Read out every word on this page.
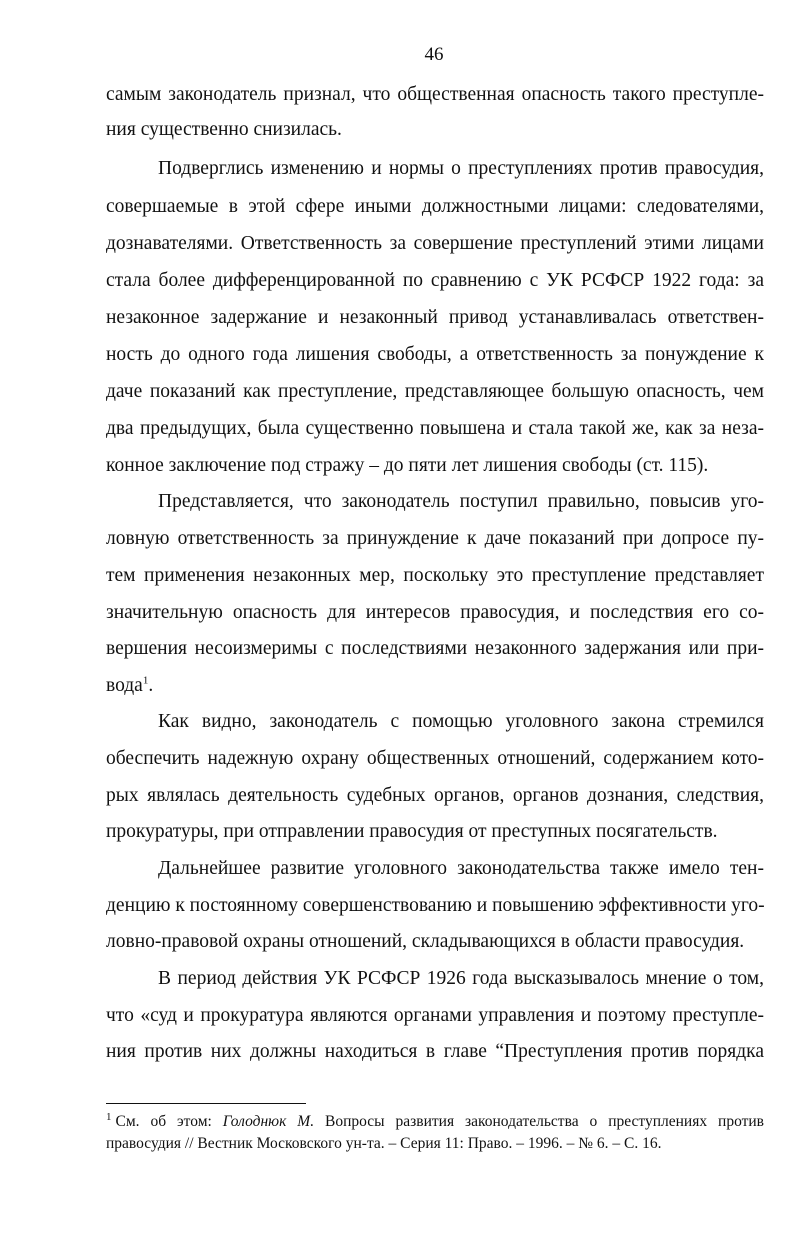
46
самым законодатель признал, что общественная опасность такого преступле-
ния существенно снизилась.
Подверглись изменению и нормы о преступлениях против правосудия,
совершаемые в этой сфере иными должностными лицами: следователями,
дознавателями. Ответственность за совершение преступлений этими лицами
стала более дифференцированной по сравнению с УК РСФСР 1922 года: за
незаконное задержание и незаконный привод устанавливалась ответствен-
ность до одного года лишения свободы, а ответственность за понуждение к
даче показаний как преступление, представляющее большую опасность, чем
два предыдущих, была существенно повышена и стала такой же, как за неза-
конное заключение под стражу – до пяти лет лишения свободы (ст. 115).
Представляется, что законодатель поступил правильно, повысив уго-
ловную ответственность за принуждение к даче показаний при допросе пу-
тем применения незаконных мер, поскольку это преступление представляет
значительную опасность для интересов правосудия, и последствия его со-
вершения несоизмеримы с последствиями незаконного задержания или при-
вода$^1$.
Как видно, законодатель с помощью уголовного закона стремился
обеспечить надежную охрану общественных отношений, содержанием кото-
рых являлась деятельность судебных органов, органов дознания, следствия,
прокуратуры, при отправлении правосудия от преступных посягательств.
Дальнейшее развитие уголовного законодательства также имело тен-
денцию к постоянному совершенствованию и повышению эффективности уго-
ловно-правовой охраны отношений, складывающихся в области правосудия.
В период действия УК РСФСР 1926 года высказывалось мнение о том,
что «суд и прокуратура являются органами управления и поэтому преступле-
ния против них должны находиться в главе “Преступления против порядка
$^1$ См. об этом: Голоднюк М. Вопросы развития законодательства о преступлениях против
правосудия // Вестник Московского ун-та. – Серия 11: Право. – 1996. – № 6. – С. 16.
